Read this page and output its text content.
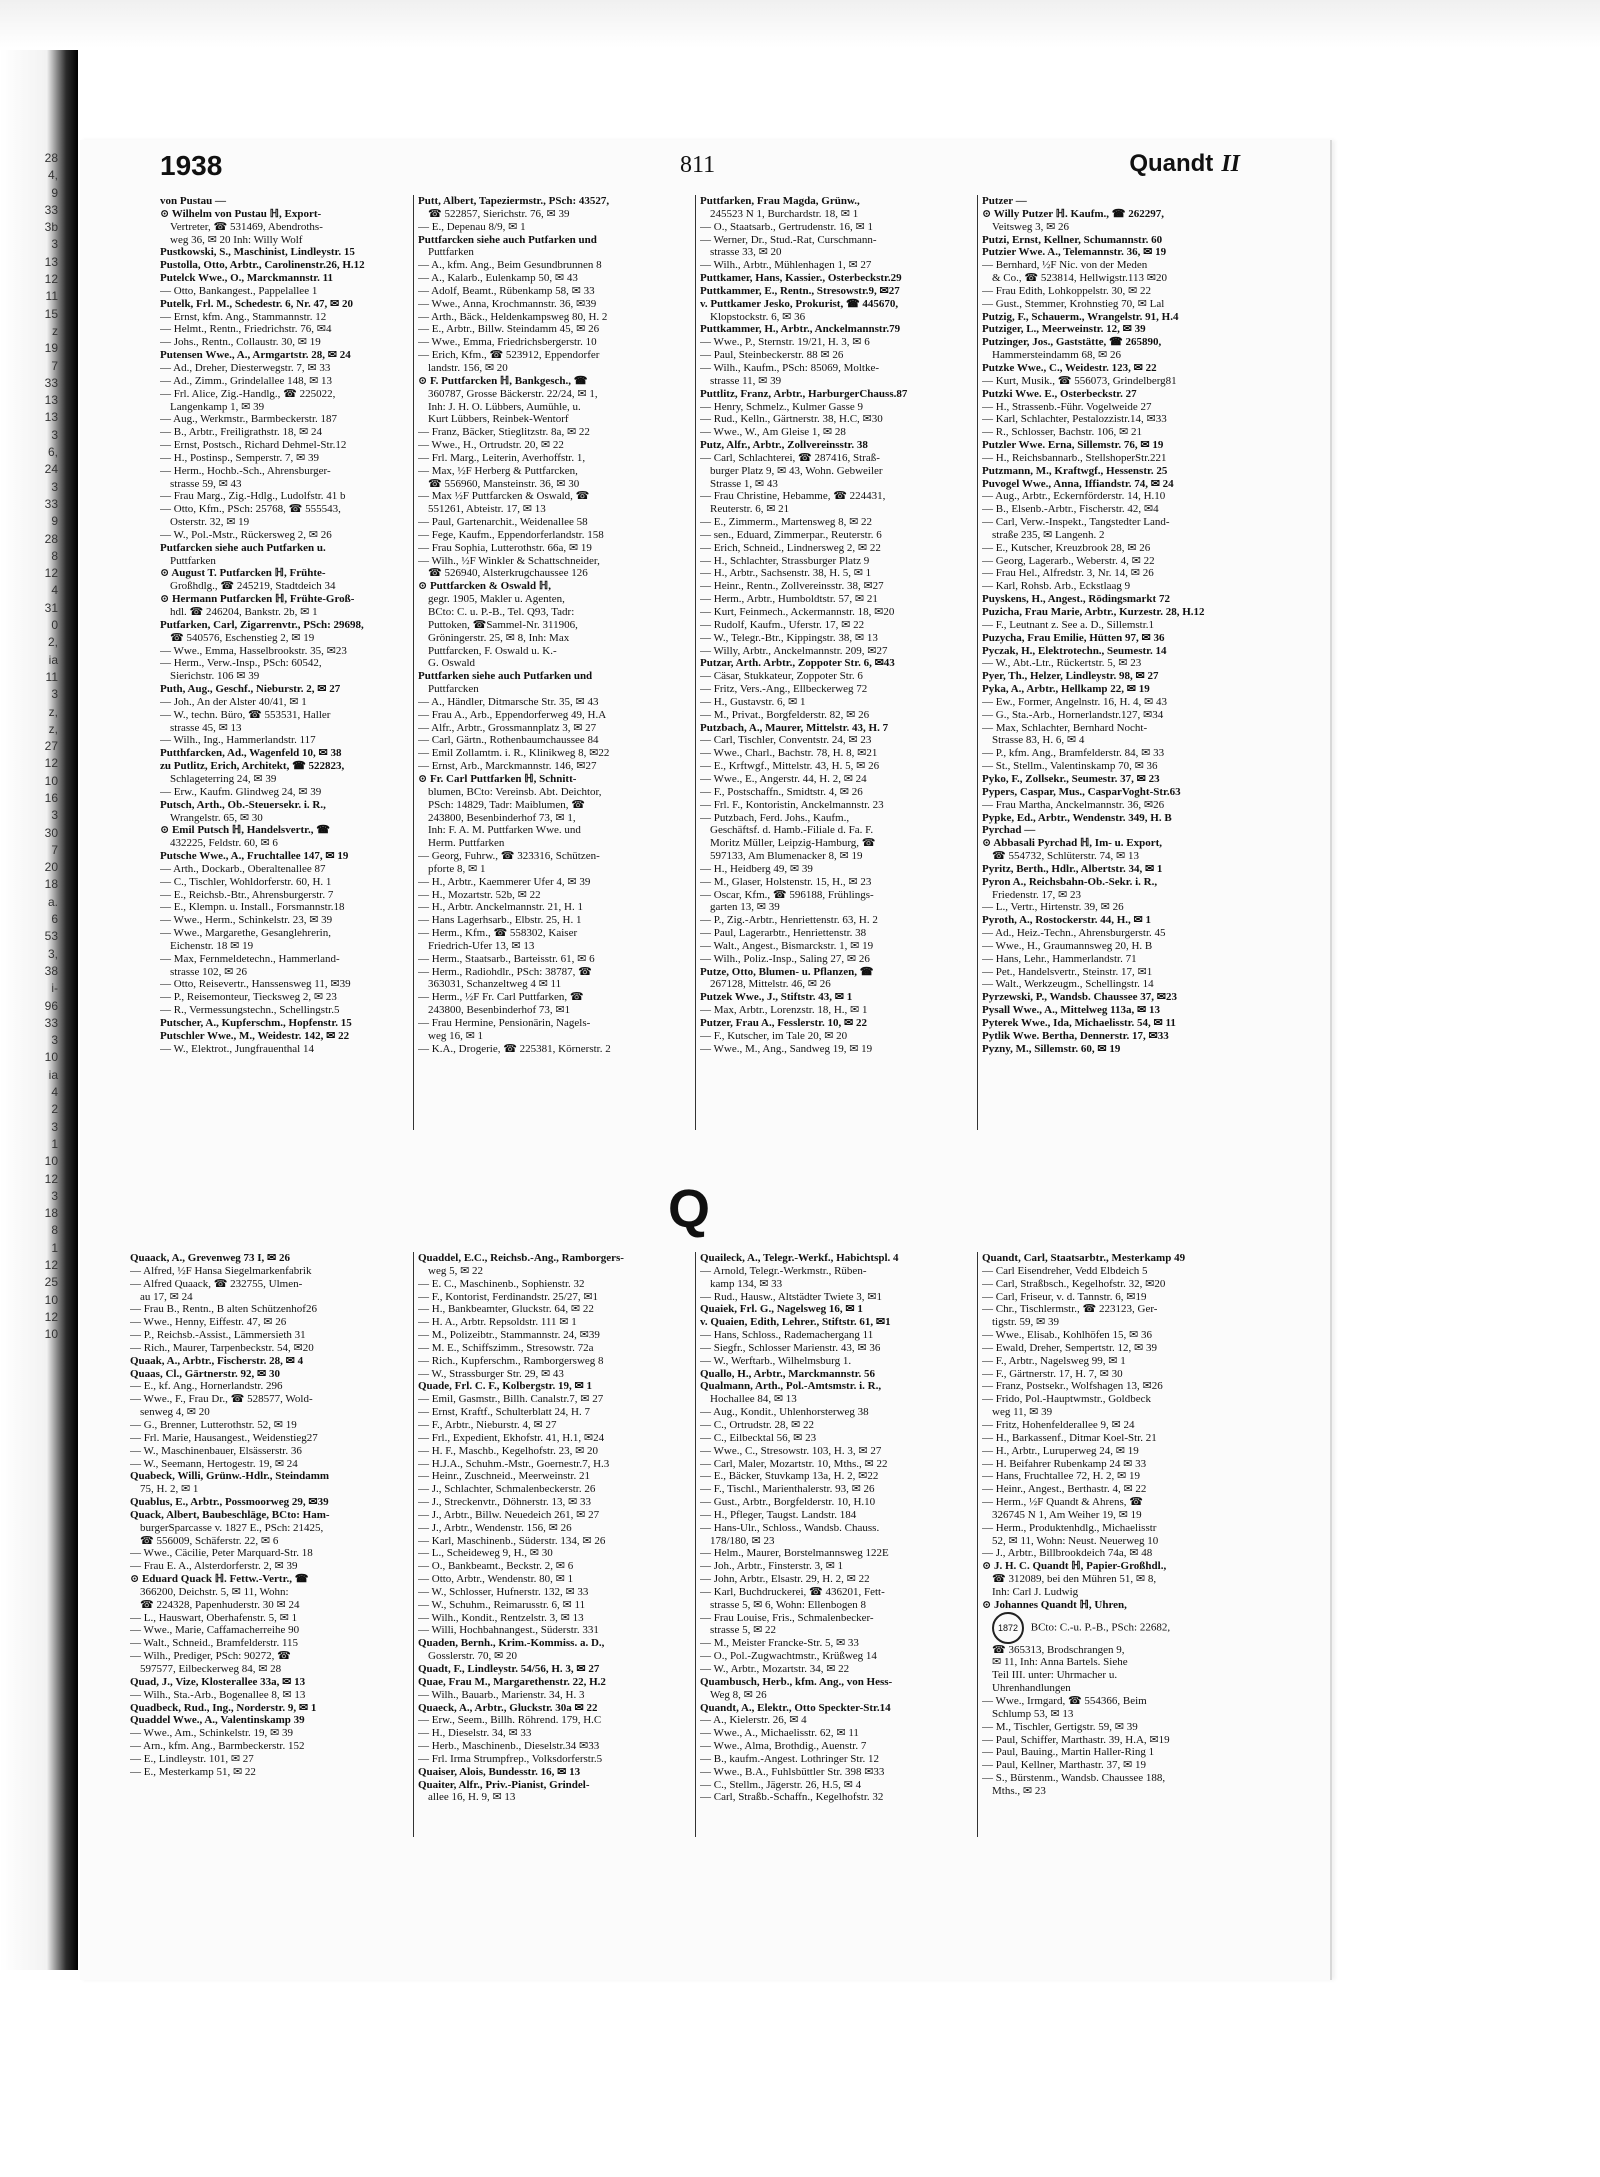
28
4,
9
33
3b
3
13
12
11
15
z
19
7
33
13
13
3
6,
24
3
33
9
28
8
12
4
31
0
2,
ia
11
3
z,
z,
27
12
10
16
3
30
7
20
18
a.
6
53
3,
38
i-
96
33
3
10
ia
4
2
3
1
10
12
3
18
8
1
12
25
10
12
10
1938	811	Quandt II
von Pustau —
⊙ Wilhelm von Pustau ℍ, Export-
Vertreter, ☎ 531469, Abendroths-
weg 36, ✉ 20 Inh: Willy Wolf
Pustkowski, S., Maschinist, Lindleystr. 15
Pustolla, Otto, Arbtr., Carolinenstr.26, H.12
Putelck Wwe., O., Marckmannstr. 11
— Otto, Bankangest., Pappelallee 1
Putelk, Frl. M., Schedestr. 6, Nr. 47, ✉ 20
— Ernst, kfm. Ang., Stammannstr. 12
— Helmt., Rentn., Friedrichstr. 76, ✉4
— Johs., Rentn., Collaustr. 30, ✉ 19
Putensen Wwe., A., Armgartstr. 28, ✉ 24
— Ad., Dreher, Diesterwegstr. 7, ✉ 33
— Ad., Zimm., Grindelallee 148, ✉ 13
— Frl. Alice, Zig.-Handlg., ☎ 225022,
Langenkamp 1, ✉ 39
— Aug., Werkmstr., Barmbeckerstr. 187
— B., Arbtr., Freiligrathstr. 18, ✉ 24
— Ernst, Postsch., Richard Dehmel-Str.12
— H., Postinsp., Semperstr. 7, ✉ 39
— Herm., Hochb.-Sch., Ahrensburger-
strasse 59, ✉ 43
— Frau Marg., Zig.-Hdlg., Ludolfstr. 41 b
— Otto, Kfm., PSch: 25768, ☎ 555543,
Osterstr. 32, ✉ 19
— W., Pol.-Mstr., Rückersweg 2, ✉ 26
Putfarcken siehe auch Putfarken u.
Puttfarken
⊙ August T. Putfarcken ℍ, Frühte-
Großhdlg., ☎ 245219, Stadtdeich 34
⊙ Hermann Putfarcken ℍ, Frühte-Groß-
hdl. ☎ 246204, Bankstr. 2b, ✉ 1
Putfarken, Carl, Zigarrenvtr., PSch: 29698,
☎ 540576, Eschenstieg 2, ✉ 19
— Wwe., Emma, Hasselbrookstr. 35, ✉23
— Herm., Verw.-Insp., PSch: 60542,
Sierichstr. 106 ✉ 39
Puth, Aug., Geschf., Nieburstr. 2, ✉ 27
— Joh., An der Alster 40/41, ✉ 1
— W., techn. Büro, ☎ 553531, Haller
strasse 45, ✉ 13
— Wilh., Ing., Hammerlandstr. 117
Putthfarcken, Ad., Wagenfeld 10, ✉ 38
zu Putlitz, Erich, Architekt, ☎ 522823,
Schlageterring 24, ✉ 39
— Erw., Kaufm. Glindweg 24, ✉ 39
Putsch, Arth., Ob.-Steuersekr. i. R.,
Wrangelstr. 65, ✉ 30
⊙ Emil Putsch ℍ, Handelsvertr., ☎
432225, Feldstr. 60, ✉ 6
Putsche Wwe., A., Fruchtallee 147, ✉ 19
— Arth., Dockarb., Oberaltenallee 87
— C., Tischler, Wohldorferstr. 60, H. 1
— E., Reichsb.-Btr., Ahrensburgerstr. 7
— E., Klempn. u. Install., Forsmannstr.18
— Wwe., Herm., Schinkelstr. 23, ✉ 39
— Wwe., Margarethe, Gesanglehrerin,
Eichenstr. 18 ✉ 19
— Max, Fernmeldetechn., Hammerland-
strasse 102, ✉ 26
— Otto, Reisevertr., Hanssensweg 11, ✉39
— P., Reisemonteur, Tiecksweg 2, ✉ 23
— R., Vermessungstechn., Schellingstr.5
Putscher, A., Kupferschm., Hopfenstr. 15
Putschler Wwe., M., Weidestr. 142, ✉ 22
— W., Elektrot., Jungfrauenthal 14
Putt, Albert, Tapeziermstr., PSch: 43527,
☎ 522857, Sierichstr. 76, ✉ 39
— E., Depenau 8/9, ✉ 1
Puttfarcken siehe auch Putfarken und
Puttfarken
— A., kfm. Ang., Beim Gesundbrunnen 8
— A., Kalarb., Eulenkamp 50, ✉ 43
— Adolf, Beamt., Rübenkamp 58, ✉ 33
— Wwe., Anna, Krochmannstr. 36, ✉39
— Arth., Bäck., Heldenkampsweg 80, H. 2
— E., Arbtr., Billw. Steindamm 45, ✉ 26
— Wwe., Emma, Friedrichsbergerstr. 10
— Erich, Kfm., ☎ 523912, Eppendorfer
landstr. 156, ✉ 20
⊙ F. Puttfarcken ℍ, Bankgesch., ☎
360787, Grosse Bäckerstr. 22/24, ✉ 1,
Inh: J. H. O. Lübbers, Aumühle, u.
Kurt Lübbers, Reinbek-Wentorf
— Franz, Bäcker, Stieglitzstr. 8a, ✉ 22
— Wwe., H., Ortrudstr. 20, ✉ 22
— Frl. Marg., Leiterin, Averhoffstr. 1,
— Max, ½F Herberg & Puttfarcken,
☎ 556960, Mansteinstr. 36, ✉ 30
— Max ½F Puttfarcken & Oswald, ☎
551261, Abteistr. 17, ✉ 13
— Paul, Gartenarchit., Weidenallee 58
— Fege, Kaufm., Eppendorferlandstr. 158
— Frau Sophia, Lutterothstr. 66a, ✉ 19
— Wilh., ½F Winkler & Schattschneider,
☎ 526940, Alsterkrugchaussee 126
⊙ Puttfarcken & Oswald ℍ,
gegr. 1905, Makler u. Agenten,
BCto: C. u. P.-B., Tel. Q93, Tadr:
Puttoken, ☎Sammel-Nr. 311906,
Gröningerstr. 25, ✉ 8, Inh: Max
Puttfarcken, F. Oswald u. K.-
G. Oswald
Puttfarken siehe auch Putfarken und
Puttfarcken
— A., Händler, Ditmarsche Str. 35, ✉ 43
— Frau A., Arb., Eppendorferweg 49, H.A
— Alfr., Arbtr., Grossmannplatz 3, ✉ 27
— Carl, Gärtn., Rothenbaumchaussee 84
— Emil Zollamtm. i. R., Klinikweg 8, ✉22
— Ernst, Arb., Marckmannstr. 146, ✉27
⊙ Fr. Carl Puttfarken ℍ, Schnitt-
blumen, BCto: Vereinsb. Abt. Deichtor,
PSch: 14829, Tadr: Maiblumen, ☎
243800, Besenbinderhof 73, ✉ 1,
Inh: F. A. M. Puttfarken Wwe. und
Herm. Puttfarken
— Georg, Fuhrw., ☎ 323316, Schützen-
pforte 8, ✉ 1
— H., Arbtr., Kaemmerer Ufer 4, ✉ 39
— H., Mozartstr. 52b, ✉ 22
— H., Arbtr. Anckelmannstr. 21, H. 1
— Hans Lagerhsarb., Elbstr. 25, H. 1
— Herm., Kfm., ☎ 558302, Kaiser
Friedrich-Ufer 13, ✉ 13
— Herm., Staatsarb., Barteisstr. 61, ✉ 6
— Herm., Radiohdlr., PSch: 38787, ☎
363031, Schanzeltweg 4 ✉ 11
— Herm., ½F Fr. Carl Puttfarken, ☎
243800, Besenbinderhof 73, ✉1
— Frau Hermine, Pensionärin, Nagels-
weg 16, ✉ 1
— K.A., Drogerie, ☎ 225381, Körnerstr. 2
Puttfarken, Frau Magda, Grünw.,
245523 N 1, Burchardstr. 18, ✉ 1
— O., Staatsarb., Gertrudenstr. 16, ✉ 1
— Werner, Dr., Stud.-Rat, Curschmann-
strasse 33, ✉ 20
— Wilh., Arbtr., Mühlenhagen 1, ✉ 27
Puttkamer, Hans, Kassier., Osterbeckstr.29
Puttkammer, E., Rentn., Stresowstr.9, ✉27
v. Puttkamer Jesko, Prokurist, ☎ 445670,
Klopstockstr. 6, ✉ 36
Puttkammer, H., Arbtr., Anckelmannstr.79
— Wwe., P., Sternstr. 19/21, H. 3, ✉ 6
— Paul, Steinbeckerstr. 88 ✉ 26
— Wilh., Kaufm., PSch: 85069, Moltke-
strasse 11, ✉ 39
Puttlitz, Franz, Arbtr., HarburgerChauss.87
— Henry, Schmelz., Kulmer Gasse 9
— Rud., Kelln., Gärtnerstr. 38, H.C, ✉30
— Wwe., W., Am Gleise 1, ✉ 28
Putz, Alfr., Arbtr., Zollvereinsstr. 38
— Carl, Schlachterei, ☎ 287416, Straß-
burger Platz 9, ✉ 43, Wohn. Gebweiler
Strasse 1, ✉ 43
— Frau Christine, Hebamme, ☎ 224431,
Reuterstr. 6, ✉ 21
— E., Zimmerm., Martensweg 8, ✉ 22
— sen., Eduard, Zimmerpar., Reuterstr. 6
— Erich, Schneid., Lindnersweg 2, ✉ 22
— H., Schlachter, Strassburger Platz 9
— H., Arbtr., Sachsenstr. 38, H. 5, ✉ 1
— Heinr., Rentn., Zollvereinsstr. 38, ✉27
— Herm., Arbtr., Humboldtstr. 57, ✉ 21
— Kurt, Feinmech., Ackermannstr. 18, ✉20
— Rudolf, Kaufm., Uferstr. 17, ✉ 22
— W., Telegr.-Btr., Kippingstr. 38, ✉ 13
— Willy, Arbtr., Anckelmannstr. 209, ✉27
Putzar, Arth. Arbtr., Zoppoter Str. 6, ✉43
— Cäsar, Stukkateur, Zoppoter Str. 6
— Fritz, Vers.-Ang., Ellbeckerweg 72
— H., Gustavstr. 6, ✉ 1
— M., Privat., Borgfelderstr. 82, ✉ 26
Putzbach, A., Maurer, Mittelstr. 43, H. 7
— Carl, Tischler, Conventstr. 24, ✉ 23
— Wwe., Charl., Bachstr. 78, H. 8, ✉21
— E., Krftwgf., Mittelstr. 43, H. 5, ✉ 26
— Wwe., E., Angerstr. 44, H. 2, ✉ 24
— F., Postschaffn., Smidtstr. 4, ✉ 26
— Frl. F., Kontoristin, Anckelmannstr. 23
— Putzbach, Ferd. Johs., Kaufm.,
Geschäftsf. d. Hamb.-Filiale d. Fa. F.
Moritz Müller, Leipzig-Hamburg, ☎
597133, Am Blumenacker 8, ✉ 19
— H., Heidberg 49, ✉ 39
— M., Glaser, Holstenstr. 15, H., ✉ 23
— Oscar, Kfm., ☎ 596188, Frühlings-
garten 13, ✉ 39
— P., Zig.-Arbtr., Henriettenstr. 63, H. 2
— Paul, Lagerarbtr., Henriettenstr. 38
— Walt., Angest., Bismarckstr. 1, ✉ 19
— Wilh., Poliz.-Insp., Saling 27, ✉ 26
Putze, Otto, Blumen- u. Pflanzen, ☎
267128, Mittelstr. 46, ✉ 26
Putzek Wwe., J., Stiftstr. 43, ✉ 1
— Max, Arbtr., Lorenzstr. 18, H., ✉ 1
Putzer, Frau A., Fesslerstr. 10, ✉ 22
— F., Kutscher, im Tale 20, ✉ 20
— Wwe., M., Ang., Sandweg 19, ✉ 19
Putzer —
⊙ Willy Putzer ℍ. Kaufm., ☎ 262297,
Veitsweg 3, ✉ 26
Putzi, Ernst, Kellner, Schumannstr. 60
Putzier Wwe. A., Telemannstr. 36, ✉ 19
— Bernhard, ½F Nic. von der Meden
& Co., ☎ 523814, Hellwigstr.113 ✉20
— Frau Edith, Lohkoppelstr. 30, ✉ 22
— Gust., Stemmer, Krohnstieg 70, ✉ Lal
Putzig, F., Schauerm., Wrangelstr. 91, H.4
Putziger, L., Meerweinstr. 12, ✉ 39
Putzinger, Jos., Gaststätte, ☎ 265890,
Hammersteindamm 68, ✉ 26
Putzke Wwe., C., Weidestr. 123, ✉ 22
— Kurt, Musik., ☎ 556073, Grindelberg81
Putzki Wwe. E., Osterbeckstr. 27
— H., Strassenb.-Führ. Vogelweide 27
— Karl, Schlachter, Pestalozzistr.14, ✉33
— R., Schlosser, Bachstr. 106, ✉ 21
Putzler Wwe. Erna, Sillemstr. 76, ✉ 19
— H., Reichsbannarb., StellshoperStr.221
Putzmann, M., Kraftwgf., Hessenstr. 25
Puvogel Wwe., Anna, Iffiandstr. 74, ✉ 24
— Aug., Arbtr., Eckernförderstr. 14, H.10
— B., Elsenb.-Arbtr., Fischerstr. 42, ✉4
— Carl, Verw.-Inspekt., Tangstedter Land-
straße 235, ✉ Langenh. 2
— E., Kutscher, Kreuzbrook 28, ✉ 26
— Georg, Lagerarb., Weberstr. 4, ✉ 22
— Frau Hel., Alfredstr. 3, Nr. 14, ✉ 26
— Karl, Rohsb. Arb., Eckstlaag 9
Puyskens, H., Angest., Rödingsmarkt 72
Puzicha, Frau Marie, Arbtr., Kurzestr. 28, H.12
— F., Leutnant z. See a. D., Sillemstr.1
Puzycha, Frau Emilie, Hütten 97, ✉ 36
Pyczak, H., Elektrotechn., Seumestr. 14
— W., Abt.-Ltr., Rückertstr. 5, ✉ 23
Pyer, Th., Helzer, Lindleystr. 98, ✉ 27
Pyka, A., Arbtr., Hellkamp 22, ✉ 19
— Ew., Former, Angelnstr. 16, H. 4, ✉ 43
— G., Sta.-Arb., Hornerlandstr.127, ✉34
— Max, Schlachter, Bernhard Nocht-
Strasse 83, H. 6, ✉ 4
— P., kfm. Ang., Bramfelderstr. 84, ✉ 33
— St., Stellm., Valentinskamp 70, ✉ 36
Pyko, F., Zollsekr., Seumestr. 37, ✉ 23
Pypers, Caspar, Mus., CasparVoght-Str.63
— Frau Martha, Anckelmannstr. 36, ✉26
Pypke, Ed., Arbtr., Wendenstr. 349, H. B
Pyrchad —
⊙ Abbasali Pyrchad ℍ, Im- u. Export,
☎ 554732, Schlüterstr. 74, ✉ 13
Pyritz, Berth., Hdlr., Albertstr. 34, ✉ 1
Pyron A., Reichsbahn-Ob.-Sekr. i. R.,
Friedenstr. 17, ✉ 23
— L., Vertr., Hirtenstr. 39, ✉ 26
Pyroth, A., Rostockerstr. 44, H., ✉ 1
— Ad., Heiz.-Techn., Ahrensburgerstr. 45
— Wwe., H., Graumannsweg 20, H. B
— Hans, Lehr., Hammerlandstr. 71
— Pet., Handelsvertr., Steinstr. 17, ✉1
— Walt., Werkzeugm., Schellingstr. 14
Pyrzewski, P., Wandsb. Chaussee 37, ✉23
Pysall Wwe., A., Mittelweg 113a, ✉ 13
Pyterek Wwe., Ida, Michaelisstr. 54, ✉ 11
Pytlik Wwe. Bertha, Dennerstr. 17, ✉33
Pyzny, M., Sillemstr. 60, ✉ 19
Q
Quaack, A., Grevenweg 73 I, ✉ 26
— Alfred, ½F Hansa Siegelmarkenfabrik
— Alfred Quaack, ☎ 232755, Ulmen-
au 17, ✉ 24
— Frau B., Rentn., B alten Schützenhof26
— Wwe., Henny, Eiffestr. 47, ✉ 26
— P., Reichsb.-Assist., Lämmersieth 31
— Rich., Maurer, Tarpenbeckstr. 54, ✉20
Quaak, A., Arbtr., Fischerstr. 28, ✉ 4
Quaas, Cl., Gärtnerstr. 92, ✉ 30
— E., kf. Ang., Hornerlandstr. 296
— Wwe., F., Frau Dr., ☎ 528577, Wold-
senweg 4, ✉ 20
— G., Brenner, Lutterothstr. 52, ✉ 19
— Frl. Marie, Hausangest., Weidenstieg27
— W., Maschinenbauer, Elsässerstr. 36
— W., Seemann, Hertogestr. 19, ✉ 24
Quabeck, Willi, Grünw.-Hdlr., Steindamm
75, H. 2, ✉ 1
Quablus, E., Arbtr., Possmoorweg 29, ✉39
Quack, Albert, Baubeschläge, BCto: Ham-
burgerSparcasse v. 1827 E., PSch: 21425,
☎ 556009, Schäferstr. 22, ✉ 6
— Wwe., Cäcilie, Peter Marquard-Str. 18
— Frau E. A., Alsterdorferstr. 2, ✉ 39
⊙ Eduard Quack ℍ. Fettw.-Vertr., ☎
366200, Deichstr. 5, ✉ 11, Wohn:
☎ 224328, Papenhuderstr. 30 ✉ 24
— L., Hauswart, Oberhafenstr. 5, ✉ 1
— Wwe., Marie, Caffamacherreihe 90
— Walt., Schneid., Bramfelderstr. 115
— Wilh., Prediger, PSch: 90272, ☎
597577, Eilbeckerweg 84, ✉ 28
Quad, J., Vize, Klosterallee 33a, ✉ 13
— Wilh., Sta.-Arb., Bogenallee 8, ✉ 13
Quadbeck, Rud., Ing., Norderstr. 9, ✉ 1
Quaddel Wwe., A., Valentinskamp 39
— Wwe., Am., Schinkelstr. 19, ✉ 39
— Arn., kfm. Ang., Barmbeckerstr. 152
— E., Lindleystr. 101, ✉ 27
— E., Mesterkamp 51, ✉ 22
Quaddel, E.C., Reichsb.-Ang., Ramborgers-
weg 5, ✉ 22
— E. C., Maschinenb., Sophienstr. 32
— F., Kontorist, Ferdinandstr. 25/27, ✉1
— H., Bankbeamter, Gluckstr. 64, ✉ 22
— H. A., Arbtr. Repsoldstr. 111 ✉ 1
— M., Polizeibtr., Stammannstr. 24, ✉39
— M. E., Schiffszimm., Stresowstr. 72a
— Rich., Kupferschm., Ramborgersweg 8
— W., Strassburger Str. 29, ✉ 43
Quade, Frl. C. F., Kolbergstr. 19, ✉ 1
— Emil, Gasmstr., Billh. Canalstr.7, ✉ 27
— Ernst, Kraftf., Schulterblatt 24, H. 7
— F., Arbtr., Nieburstr. 4, ✉ 27
— Frl., Expedient, Ekhofstr. 41, H.1, ✉24
— H. F., Maschb., Kegelhofstr. 23, ✉ 20
— H.J.A., Schuhm.-Mstr., Goernestr.7, H.3
— Heinr., Zuschneid., Meerweinstr. 21
— J., Schlachter, Schmalenbeckerstr. 26
— J., Streckenvtr., Döhnerstr. 13, ✉ 33
— J., Arbtr., Billw. Neuedeich 261, ✉ 27
— J., Arbtr., Wendenstr. 156, ✉ 26
— Karl, Maschinenb., Süderstr. 134, ✉ 26
— L., Scheideweg 9, H., ✉ 30
— O., Bankbeamt., Beckstr. 2, ✉ 6
— Otto, Arbtr., Wendenstr. 80, ✉ 1
— W., Schlosser, Hufnerstr. 132, ✉ 33
— W., Schuhm., Reimarusstr. 6, ✉ 11
— Wilh., Kondit., Rentzelstr. 3, ✉ 13
— Willi, Hochbahnangest., Süderstr. 331
Quaden, Bernh., Krim.-Kommiss. a. D.,
Gosslerstr. 70, ✉ 20
Quadt, F., Lindleystr. 54/56, H. 3, ✉ 27
Quae, Frau M., Margarethenstr. 22, H.2
— Wilh., Bauarb., Marienstr. 34, H. 3
Quaeck, A., Arbtr., Gluckstr. 30a ✉ 22
— Erw., Seem., Billh. Röhrend. 179, H.C
— H., Dieselstr. 34, ✉ 33
— Herb., Maschinenb., Dieselstr.34 ✉33
— Frl. Irma Strumpfrep., Volksdorferstr.5
Quaiser, Alois, Bundesstr. 16, ✉ 13
Quaiter, Alfr., Priv.-Pianist, Grindel-
allee 16, H. 9, ✉ 13
Quaileck, A., Telegr.-Werkf., Habichtspl. 4
— Arnold, Telegr.-Werkmstr., Rüben-
kamp 134, ✉ 33
— Rud., Hausw., Altstädter Twiete 3, ✉1
Quaiek, Frl. G., Nagelsweg 16, ✉ 1
v. Quaien, Edith, Lehrer., Stiftstr. 61, ✉1
— Hans, Schloss., Rademachergang 11
— Siegfr., Schlosser Marienstr. 43, ✉ 36
— W., Werftarb., Wilhelmsburg 1.
Quallo, H., Arbtr., Marckmannstr. 56
Qualmann, Arth., Pol.-Amtsmstr. i. R.,
Hochallee 84, ✉ 13
— Aug., Kondit., Uhlenhorsterweg 38
— C., Ortrudstr. 28, ✉ 22
— C., Eilbecktal 56, ✉ 23
— Wwe., C., Stresowstr. 103, H. 3, ✉ 27
— Carl, Maler, Mozartstr. 10, Mths., ✉ 22
— E., Bäcker, Stuvkamp 13a, H. 2, ✉22
— F., Tischl., Marienthalerstr. 93, ✉ 26
— Gust., Arbtr., Borgfelderstr. 10, H.10
— H., Pfleger, Taugst. Landstr. 184
— Hans-Ulr., Schloss., Wandsb. Chauss.
178/180, ✉ 23
— Helm., Maurer, Borstelmannsweg 122E
— Joh., Arbtr., Finsterstr. 3, ✉ 1
— John, Arbtr., Elsastr. 29, H. 2, ✉ 22
— Karl, Buchdruckerei, ☎ 436201, Fett-
strasse 5, ✉ 6, Wohn: Ellenbogen 8
— Frau Louise, Fris., Schmalenbecker-
strasse 5, ✉ 22
— M., Meister Francke-Str. 5, ✉ 33
— O., Pol.-Zugwachtmstr., Krüßweg 14
— W., Arbtr., Mozartstr. 34, ✉ 22
Quambusch, Herb., kfm. Ang., von Hess-
Weg 8, ✉ 26
Quandt, A., Elektr., Otto Speckter-Str.14
— A., Kielerstr. 26, ✉ 4
— Wwe., A., Michaelisstr. 62, ✉ 11
— Wwe., Alma, Brothdig., Auenstr. 7
— B., kaufm.-Angest. Lothringer Str. 12
— Wwe., B.A., Fuhlsbüttler Str. 398 ✉33
— C., Stellm., Jägerstr. 26, H.5, ✉ 4
— Carl, Straßb.-Schaffn., Kegelhofstr. 32
Quandt, Carl, Staatsarbtr., Mesterkamp 49
— Carl Eisendreher, Vedd Elbdeich 5
— Carl, Straßbsch., Kegelhofstr. 32, ✉20
— Carl, Friseur, v. d. Tannstr. 6, ✉19
— Chr., Tischlermstr., ☎ 223123, Ger-
tigstr. 59, ✉ 39
— Wwe., Elisab., Kohlhöfen 15, ✉ 36
— Ewald, Dreher, Sempertstr. 12, ✉ 39
— F., Arbtr., Nagelsweg 99, ✉ 1
— F., Gärtnerstr. 17, H. 7, ✉ 30
— Franz, Postsekr., Wolfshagen 13, ✉26
— Frido, Pol.-Hauptwmstr., Goldbeck
weg 11, ✉ 39
— Fritz, Hohenfelderallee 9, ✉ 24
— H., Barkassenf., Ditmar Koel-Str. 21
— H., Arbtr., Luruperweg 24, ✉ 19
— H. Beifahrer Rubenkamp 24 ✉ 33
— Hans, Fruchtallee 72, H. 2, ✉ 19
— Heinr., Angest., Berthastr. 4, ✉ 22
— Herm., ½F Quandt & Ahrens, ☎
326745 N 1, Am Weiher 19, ✉ 19
— Herm., Produktenhdlg., Michaelisstr
52, ✉ 11, Wohn: Neust. Neuerweg 10
— J., Arbtr., Billbrookdeich 74a, ✉ 48
⊙ J. H. C. Quandt ℍ, Papier-Großhdl.,
☎ 312089, bei den Mühren 51, ✉ 8,
Inh: Carl J. Ludwig
⊙ Johannes Quandt ℍ, Uhren,
1872 BCto: C.-u. P.-B., PSch: 22682,
☎ 365313, Brodschrangen 9,
✉ 11, Inh: Anna Bartels. Siehe
Teil III. unter: Uhrmacher u.
Uhrenhandlungen
— Wwe., Irmgard, ☎ 554366, Beim
Schlump 53, ✉ 13
— M., Tischler, Gertigstr. 59, ✉ 39
— Paul, Schiffer, Marthastr. 39, H.A, ✉19
— Paul, Bauing., Martin Haller-Ring 1
— Paul, Kellner, Marthastr. 37, ✉ 19
— S., Bürstenm., Wandsb. Chaussee 188,
Mths., ✉ 23
